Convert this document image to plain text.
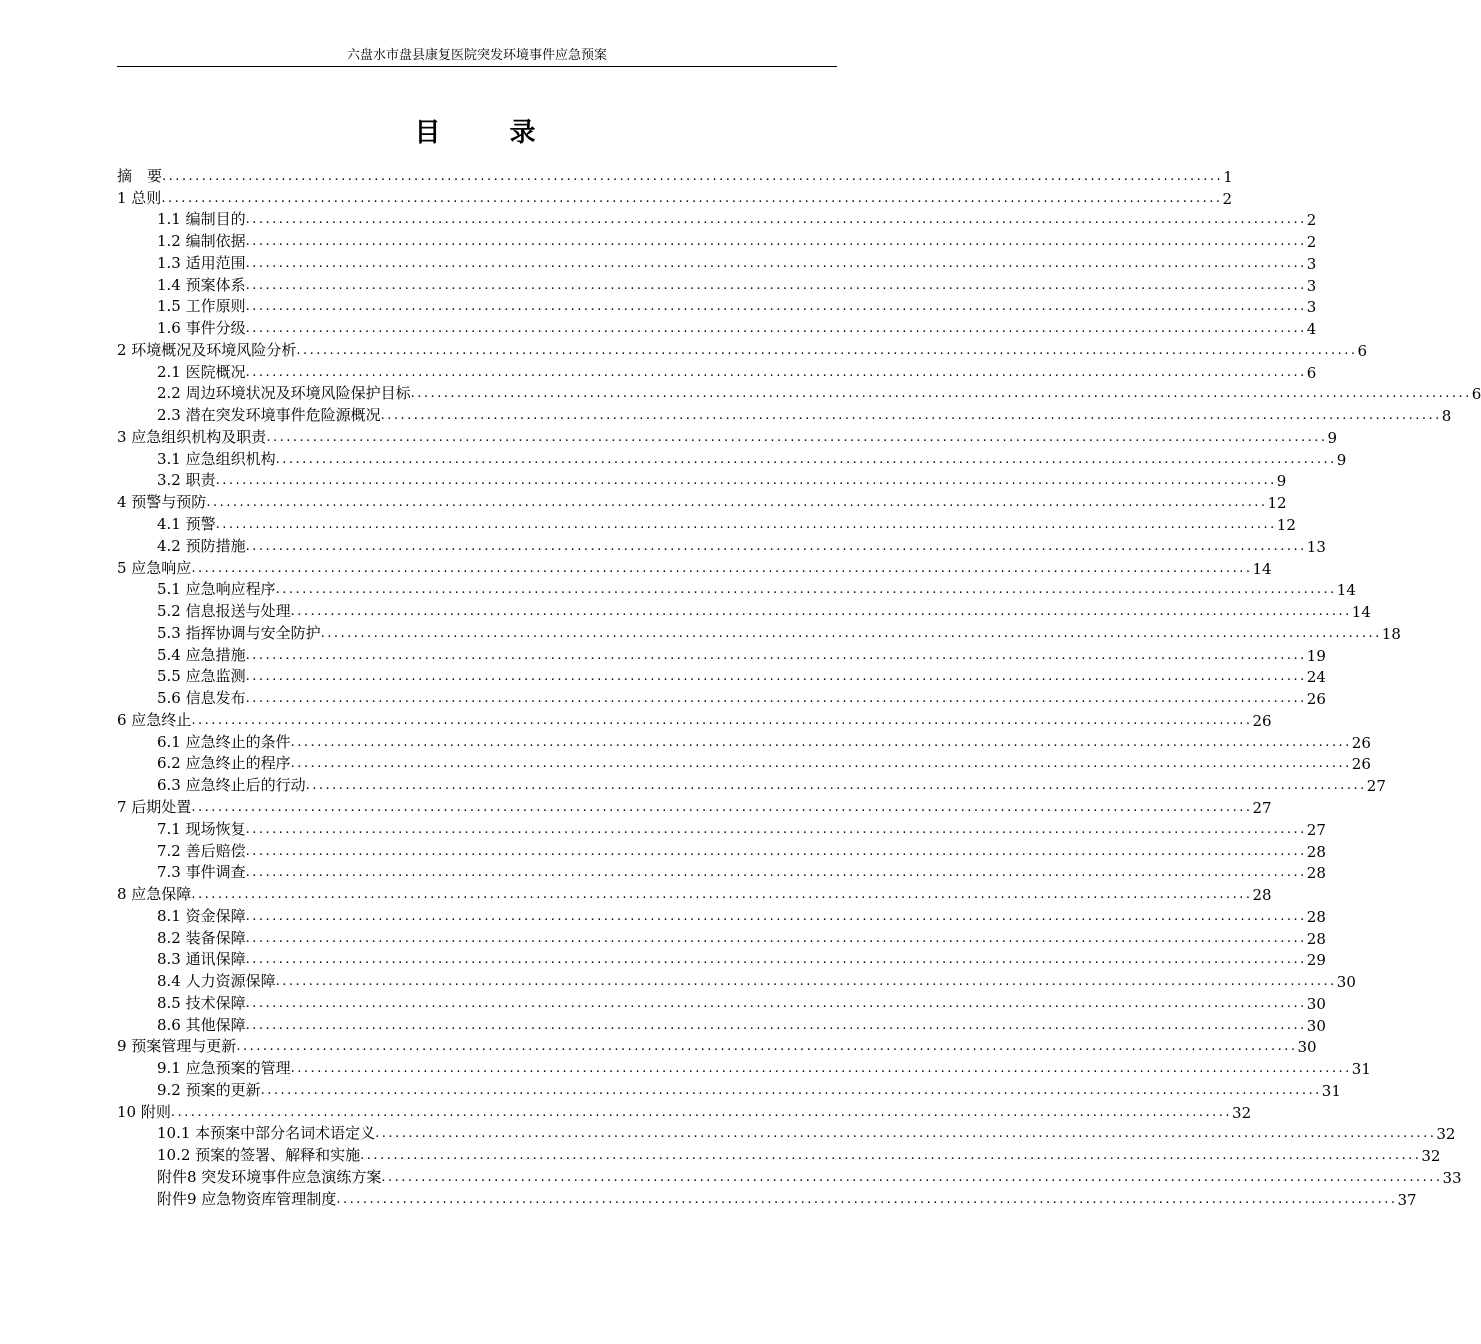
六盘水市盘县康复医院突发环境事件应急预案
目 录
摘　要 ................................................................................................................................................................ 1
1 总则 ................................................................................................................................................................ 2
1.1 编制目的 ................................................................................................................................................................ 2
1.2 编制依据 ................................................................................................................................................................ 2
1.3 适用范围 ................................................................................................................................................................ 3
1.4 预案体系 ................................................................................................................................................................ 3
1.5 工作原则 ................................................................................................................................................................ 3
1.6 事件分级 ................................................................................................................................................................ 4
2 环境概况及环境风险分析 ................................................................................................................................................................ 6
2.1 医院概况 ................................................................................................................................................................ 6
2.2 周边环境状况及环境风险保护目标 ................................................................................................................................................................ 6
2.3 潜在突发环境事件危险源概况 ................................................................................................................................................................ 8
3 应急组织机构及职责 ................................................................................................................................................................ 9
3.1 应急组织机构 ................................................................................................................................................................ 9
3.2 职责 ................................................................................................................................................................ 9
4 预警与预防 ................................................................................................................................................................ 12
4.1 预警 ................................................................................................................................................................ 12
4.2 预防措施 ................................................................................................................................................................ 13
5 应急响应 ................................................................................................................................................................ 14
5.1 应急响应程序 ................................................................................................................................................................ 14
5.2 信息报送与处理 ................................................................................................................................................................ 14
5.3 指挥协调与安全防护 ................................................................................................................................................................ 18
5.4 应急措施 ................................................................................................................................................................ 19
5.5 应急监测 ................................................................................................................................................................ 24
5.6 信息发布 ................................................................................................................................................................ 26
6 应急终止 ................................................................................................................................................................ 26
6.1 应急终止的条件 ................................................................................................................................................................ 26
6.2 应急终止的程序 ................................................................................................................................................................ 26
6.3 应急终止后的行动 ................................................................................................................................................................ 27
7 后期处置 ................................................................................................................................................................ 27
7.1 现场恢复 ................................................................................................................................................................ 27
7.2 善后赔偿 ................................................................................................................................................................ 28
7.3 事件调查 ................................................................................................................................................................ 28
8 应急保障 ................................................................................................................................................................ 28
8.1 资金保障 ................................................................................................................................................................ 28
8.2 装备保障 ................................................................................................................................................................ 28
8.3 通讯保障 ................................................................................................................................................................ 29
8.4 人力资源保障 ................................................................................................................................................................ 30
8.5 技术保障 ................................................................................................................................................................ 30
8.6 其他保障 ................................................................................................................................................................ 30
9 预案管理与更新 ................................................................................................................................................................ 30
9.1 应急预案的管理 ................................................................................................................................................................ 31
9.2 预案的更新 ................................................................................................................................................................ 31
10 附则 ................................................................................................................................................................ 32
10.1 本预案中部分名词术语定义 ................................................................................................................................................................ 32
10.2 预案的签署、解释和实施 ................................................................................................................................................................ 32
附件8 突发环境事件应急演练方案 ................................................................................................................................................................ 33
附件9 应急物资库管理制度 ................................................................................................................................................................ 37
